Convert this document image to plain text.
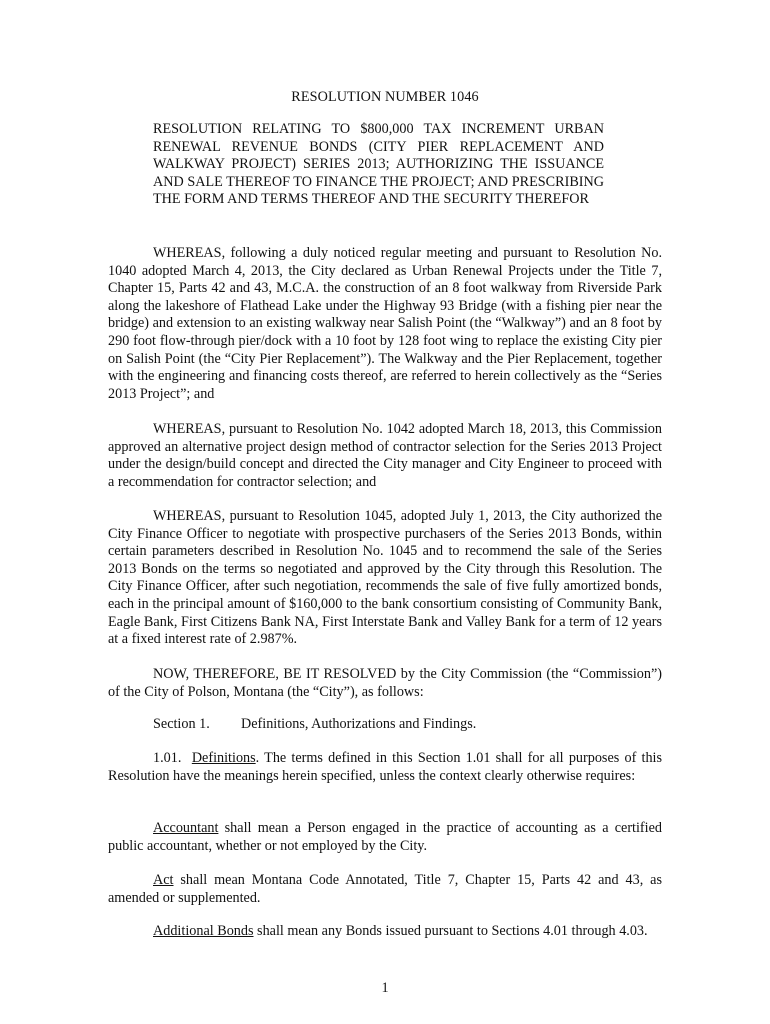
RESOLUTION NUMBER 1046
RESOLUTION RELATING TO $800,000 TAX INCREMENT URBAN RENEWAL REVENUE BONDS (CITY PIER REPLACEMENT AND WALKWAY PROJECT) SERIES 2013; AUTHORIZING THE ISSUANCE AND SALE THEREOF TO FINANCE THE PROJECT; AND PRESCRIBING THE FORM AND TERMS THEREOF AND THE SECURITY THEREFOR
WHEREAS, following a duly noticed regular meeting and pursuant to Resolution No. 1040 adopted March 4, 2013, the City declared as Urban Renewal Projects under the Title 7, Chapter 15, Parts 42 and 43, M.C.A. the construction of an 8 foot walkway from Riverside Park along the lakeshore of Flathead Lake under the Highway 93 Bridge (with a fishing pier near the bridge) and extension to an existing walkway near Salish Point (the “Walkway”) and an 8 foot by 290 foot flow-through pier/dock with a 10 foot by 128 foot wing to replace the existing City pier on Salish Point (the “City Pier Replacement”). The Walkway and the Pier Replacement, together with the engineering and financing costs thereof, are referred to herein collectively as the “Series 2013 Project”; and
WHEREAS, pursuant to Resolution No. 1042 adopted March 18, 2013, this Commission approved an alternative project design method of contractor selection for the Series 2013 Project under the design/build concept and directed the City manager and City Engineer to proceed with a recommendation for contractor selection; and
WHEREAS, pursuant to Resolution 1045, adopted July 1, 2013, the City authorized the City Finance Officer to negotiate with prospective purchasers of the Series 2013 Bonds, within certain parameters described in Resolution No. 1045 and to recommend the sale of the Series 2013 Bonds on the terms so negotiated and approved by the City through this Resolution. The City Finance Officer, after such negotiation, recommends the sale of five fully amortized bonds, each in the principal amount of $160,000 to the bank consortium consisting of Community Bank, Eagle Bank, First Citizens Bank NA, First Interstate Bank and Valley Bank for a term of 12 years at a fixed interest rate of 2.987%.
NOW, THEREFORE, BE IT RESOLVED by the City Commission (the “Commission”) of the City of Polson, Montana (the “City”), as follows:
Section 1. Definitions, Authorizations and Findings.
1.01. Definitions. The terms defined in this Section 1.01 shall for all purposes of this Resolution have the meanings herein specified, unless the context clearly otherwise requires:
Accountant shall mean a Person engaged in the practice of accounting as a certified public accountant, whether or not employed by the City.
Act shall mean Montana Code Annotated, Title 7, Chapter 15, Parts 42 and 43, as amended or supplemented.
Additional Bonds shall mean any Bonds issued pursuant to Sections 4.01 through 4.03.
1
